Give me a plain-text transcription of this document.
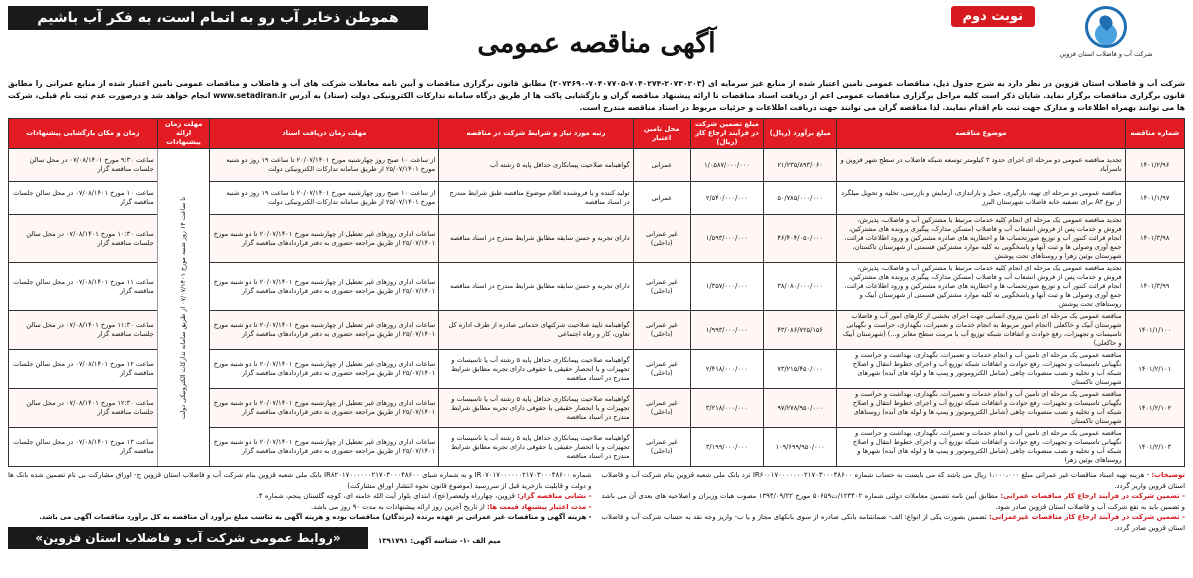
شرکت آب و فاضلاب استان قزوین
نوبت دوم
هموطن ذخایر آب رو به اتمام است، به فکر آب باشیم
آگهی مناقصه عمومی
شرکت آب و فاضلاب استان قزوین در نظر دارد به شرح جدول ذیل، مناقصات عمومی تامین اعتبار شده از منابع غیر سرمایه ای (۲۰۷۳۰۲۰۳-۷۰۴۰۲۷۴-۷۰۴۰۷۷۰۵-۲۰۷۳۶۹۰) مطابق قانون برگزاری مناقصات و آیین نامه معاملات شرکت های آب و فاضلاب و مناقصات عمومی تامین اعتبار شده از منابع عمرانی را مطابق قانون برگزاری مناقصات برگزار نماید. شایان ذکر است کلیه مراحل برگزاری مناقصات عمومی اعم از دریافت اسناد مناقصات تا ارائه پیشنهاد مناقصه گران و بازگشایی پاکت ها از طریق درگاه سامانه تدارکات الکترونیکی دولت (ستاد) به آدرس www.setadiran.ir انجام خواهد شد و درصورت عدم ثبت نام قبلی، شرکت ها می توانند بهمراه اطلاعات و مدارک جهت ثبت نام اقدام نمایند. لذا مناقصه گران می توانند جهت دریافت اطلاعات و جزئیات مربوط در اسناد مناقصه مندرج است.
شماره مناقصه	موضوع مناقصه	مبلغ برآورد (ریال)	مبلغ تضمین شرکت در فرآیند ارجاع کار (ریال)	محل تامین اعتبار	رتبه مورد نیاز و شرایط شرکت در مناقصه	مهلت زمان دریافت اسناد	مهلت زمان ارائه پیشنهادات	زمان و مکان بازگشایی پیشنهادات
۱۴۰۱/۲/۹۶	تجدید مناقصه عمومی دو مرحله ای اجرای حدود ۳ کیلومتر توسعه شبکه فاضلاب در سطح شهر قزوین و تاسرآباد	۲۱/۲۳۵/۸۹۳/۰۶۰	۱/۰۵۸۷/۰۰۰/۰۰۰	عمرانی	گواهینامه صلاحیت پیمانکاری حداقل پایه ۵ رشته آب	از ساعت ۱۰ صبح روز چهارشنبه مورخ ۲۰/۰۷/۱۴۰۱ تا ساعت ۱۹ روز دو شنبه مورخ ۲۵/۰۷/۱۴۰۱ از طریق سامانه تدارکات الکترونیکی دولت	تا ساعت ۱۴ روز شنبه مورخ ۰۷/۰۷/۱۴۰۱ از طریق سامانه تدارکات الکترونیکی دولت	ساعت ۹:۳۰ مورخ ۰۷/۰۸/۱۴۰۱ در محل سالن جلسات مناقصه گزار
۱۴۰۱/۱/۹۷	مناقصه عمومی دو مرحله ای تهیه، بارگیری، حمل و باراندازی، آزمایش و بازرسی، تخلیه و تحویل میلگرد از نوع A۳ برای تصفیه خانه فاضلاب شهرستان البرز	۵۰/۷۸۵/۰۰۰/۰۰۰	۲/۵۴۰/۰۰۰/۰۰۰	عمرانی	تولید کننده و یا فروشنده اقلام موضوع مناقصه طبق شرایط مندرج در اسناد مناقصه	از ساعت ۱۰ صبح روز چهارشنبه مورخ ۲۰/۰۷/۱۴۰۱ تا ساعت ۱۹ روز دو شنبه مورخ ۲۵/۰۷/۱۴۰۱ از طریق سامانه تدارکات الکترونیکی دولت		ساعت ۱۰ مورخ ۰۷/۰۸/۱۴۰۱ در محل سالن جلسات مناقصه گزار
۱۴۰۱/۳/۹۸	تجدید مناقصه عمومی یک مرحله ای انجام کلیه خدمات مرتبط با مشترکین آب و فاضلاب، پذیرش، فروش و خدمات پس از فروش انشعاب آب و فاضلاب (مسکن مدارک، پیگیری پرونده های مشترکین، انجام قرائت کنتور آب و توزیع صورتحساب ها و اخطاریه های صادره مشترکین و ورود اطلاعات قرائت، جمع آوری وصولی ها و ثبت آنها و پاسخگویی به کلیه موارد مشترکین قسمتی از شهرستان تاکستان، شهرستان بوئین زهرا و روستاهای تحت پوشش	۴۶/۴۰۴/۰۵۰/۰۰۰	۱/۵۹۳/۰۰۰/۰۰۰	غیر عمرانی (داخلی)	دارای تجربه و حسن سابقه مطابق شرایط مندرج در اسناد مناقصه	ساعات اداری روزهای غیر تعطیل از چهارشنبه مورخ ۲۰/۰۷/۱۴۰۱ تا دو شنبه مورخ ۲۵/۰۷/۱۴۰۱ از طریق مراجعه حضوری به دفتر قراردادهای مناقصه گزار		ساعت ۱۰:۳۰ مورخ ۰۷/۰۸/۱۴۰۱ در محل سالن جلسات مناقصه گزار
۱۴۰۱/۳/۹۹	تجدید مناقصه عمومی یک مرحله ای انجام کلیه خدمات مرتبط با مشترکین آب و فاضلاب، پذیرش، فروش و خدمات پس از فروش انشعاب آب و فاضلاب (مسکن مدارک، پیگیری پرونده های مشترکین، انجام قرائت کنتور آب و توزیع صورتحساب ها و اخطاریه های صادره مشترکین و ورود اطلاعات قرائت، جمع آوری وصولی ها و ثبت آنها و پاسخگویی به کلیه موارد مشترکین قسمتی از شهرستان آبیک و روستاهای تحت پوشش	۳۸/۰۸۰/۰۰۰/۰۰۰	۱/۳۵۷/۰۰۰/۰۰۰	غیر عمرانی (داخلی)	دارای تجربه و حسن سابقه مطابق شرایط مندرج در اسناد مناقصه	ساعات اداری روزهای غیر تعطیل از چهارشنبه مورخ ۲۰/۰۷/۱۴۰۱ تا دو شنبه مورخ ۲۵/۰۷/۱۴۰۱ از طریق مراجعه حضوری به دفتر قراردادهای مناقصه گزار		ساعت ۱۱ مورخ ۰۷/۰۸/۱۴۰۱ در محل سالن جلسات مناقصه گزار
۱۴۰۱/۱/۱۰۰	مناقصه عمومی یک مرحله ای تامین نیروی انسانی جهت اجرای بخشی از کارهای امور آب و فاضلاب شهرستان آبیک و خاکعلی (انجام امور مربوط به انجام خدمات و تعمیرات، نگهداری، حراست و نگهبانی تاسیسات و تجهیزات، رفع حوادث و اتفاقات شبکه توزیع آب با مرمت سطح معابر و...) (شهرستان آبیک و خاکعلی)	۴۳/۰۸۶/۷۲۵/۱۵۶	۱/۹۹۳/۰۰۰/۰۰۰	غیر عمرانی (داخلی)	گواهینامه تایید صلاحیت شرکتهای خدماتی صادره از طرف اداره کل تعاون، کار و رفاه اجتماعی	ساعات اداری روزهای غیر تعطیل از چهارشنبه مورخ ۲۰/۰۷/۱۴۰۱ تا دو شنبه مورخ ۲۵/۰۷/۱۴۰۱ از طریق مراجعه حضوری به دفتر قراردادهای مناقصه گزار		ساعت ۱۱:۳۰ مورخ ۰۷/۰۸/۱۴۰۱ در محل سالن جلسات مناقصه گزار
۱۴۰۱/۲/۱۰۱	مناقصه عمومی یک مرحله ای تامین آب و انجام خدمات و تعمیرات، نگهداری، بهداشت و حراست و نگهبانی تاسیسات و تجهیزات، رفع حوادث و اتفاقات شبکه توزیع آب و اجرای خطوط انتقال و اصلاح شبکه آب و تخلیه و نصب منصوبات چاهی (شامل الکتروموتور و پمپ ها و لوله های آبده) شهرهای شهرستان تاکستان	۷۳/۲۱۵/۴۵۰/۰۰۰	۲/۴۱۸/۰۰۰/۰۰۰	غیر عمرانی (داخلی)	گواهینامه صلاحیت پیمانکاری حداقل پایه ۵ رشته آب یا تاسیسات و تجهیزات و یا انحصار حقیقی یا حقوقی دارای تجربه مطابق شرایط مندرج در اسناد مناقصه	ساعات اداری روزهای غیر تعطیل از چهارشنبه مورخ ۲۰/۰۷/۱۴۰۱ تا دو شنبه مورخ ۲۵/۰۷/۱۴۰۱ از طریق مراجعه حضوری به دفتر قراردادهای مناقصه گزار		ساعت ۱۲ مورخ ۰۷/۰۸/۱۴۰۱ در محل سالن جلسات مناقصه گزار
۱۴۰۱/۲/۱۰۲	مناقصه عمومی یک مرحله ای تامین آب و انجام خدمات و تعمیرات، نگهداری، بهداشت و حراست و نگهبانی تاسیسات و تجهیزات، رفع حوادث و اتفاقات شبکه توزیع آب و اجرای خطوط انتقال و اصلاح شبکه آب و تخلیه و نصب منصوبات چاهی (شامل الکتروموتور و پمپ ها و لوله های آبده) روستاهای شهرستان تاکستان	۹۷/۲۷۸/۹۵۰/۰۰۰	۳/۲۱۸/۰۰۰/۰۰۰	غیر عمرانی (داخلی)	گواهینامه صلاحیت پیمانکاری حداقل پایه ۵ رشته آب یا تاسیسات و تجهیزات و یا انحصار حقیقی یا حقوقی دارای تجربه مطابق شرایط مندرج در اسناد مناقصه	ساعات اداری روزهای غیر تعطیل از چهارشنبه مورخ ۲۰/۰۷/۱۴۰۱ تا دو شنبه مورخ ۲۵/۰۷/۱۴۰۱ از طریق مراجعه حضوری به دفتر قراردادهای مناقصه گزار		ساعت ۱۲:۳۰ مورخ ۰۷/۰۸/۱۴۰۱ در محل سالن جلسات مناقصه گزار
۱۴۰۱/۲/۱۰۳	مناقصه عمومی یک مرحله ای تامین آب و انجام خدمات و تعمیرات، نگهداری، بهداشت و حراست و نگهبانی تاسیسات و تجهیزات، رفع حوادث و اتفاقات شبکه توزیع آب و اجرای خطوط انتقال و اصلاح شبکه آب و تخلیه و نصب منصوبات چاهی (شامل الکتروموتور و پمپ ها و لوله های آبده) شهرها و روستاهای بوئین زهرا	۱۰۹/۶۹۹/۹۵۰/۰۰۰	۳/۱۹۹/۰۰۰/۰۰۰	غیر عمرانی (داخلی)	گواهینامه صلاحیت پیمانکاری حداقل پایه ۵ رشته آب یا تاسیسات و تجهیزات و یا انحصار حقیقی یا حقوقی دارای تجربه مطابق شرایط مندرج در اسناد مناقصه	ساعات اداری روزهای غیر تعطیل از چهارشنبه مورخ ۲۰/۰۷/۱۴۰۱ تا دو شنبه مورخ ۲۵/۰۷/۱۴۰۱ از طریق مراجعه حضوری به دفتر قراردادهای مناقصه گزار		ساعت ۱۳ مورخ ۰۷/۰۸/۱۴۰۱ در محل سالن جلسات مناقصه گزار
توضیحات: - هزینه تهیه اسناد مناقصات غیر عمرانی مبلغ ۱،۰۰۰،۰۰۰ ریال می باشد که می بایست به حساب شماره IR۶۰۰۱۷۰۰۰۰۰۰۰۲۱۷۰۳۰۰۰۴۸۶۰۰ نزد بانک ملی شعبه قزوین بنام شرکت آب و فاضلاب استان قزوین واریز گردد.
- تضمین شرکت در فرآیند ارجاع کار مناقصات عمرانی: مطابق آیین نامه تضمین معاملات دولتی شماره ۱۲۳۴۰۲/ت۵۰۶۵۹ مورخ ۱۳۹۴/۰۹/۲۲ مصوب هیات وزیران و اصلاحیه های بعدی آن می باشد و تضمین باید به نفع شرکت آب و فاضلاب استان قزوین صادر شود.
- تضمین شرکت در فرآیند ارجاع کار مناقصات غیرعمرانی: تضمین بصورت یکی از انواع: الف- ضمانتنامه بانکی صادره از سوی بانکهای مجاز و یا ب- واریز وجه نقد به حساب شرکت آب و فاضلاب استان قزوین صادر گردد.
شماره IR۰۷۰۱۷۰۰۰۰۰۰۲۱۷۰۳۰۰۰۴۸۶۰۰ و به شماره شبای IR۸۲۰۱۷۰۰۰۰۰۰۲۱۷۰۳۰۰۰۴۸۶۰۰ بانک ملی شعبه قزوین بنام شرکت آب و فاضلاب استان قزوین ج- اوراق مشارکت بی نام تضمین شده بانک ها و دولت و قابلیت بازخرید قبل از سررسید (موضوع قانون نحوه انتشار اوراق مشارکت)
- نشانی مناقصه گزار: قزوین، چهارراه ولیعصر(عج)، ابتدای بلوار آیت الله خامنه ای، کوچه گلستان پنجم، شماره ۴.
- مدت اعتبار پیشنهاد قیمت ها: از تاریخ آخرین روز ارائه پیشنهادات به مدت ۹۰ روز می باشد.
- هزینه آگهی و مناقصات غیر عمرانی بر عهده برنده (برندگان) مناقصات بوده و هزینه آگهی به تناسب مبلغ برآورد آن مناقصه به کل برآورد مناقصات آگهی می باشد.
«روابط عمومی شرکت آب و فاضلاب استان قزوین»	میم الف -۱- شناسه آگهی: ۱۳۹۱۷۹۱
